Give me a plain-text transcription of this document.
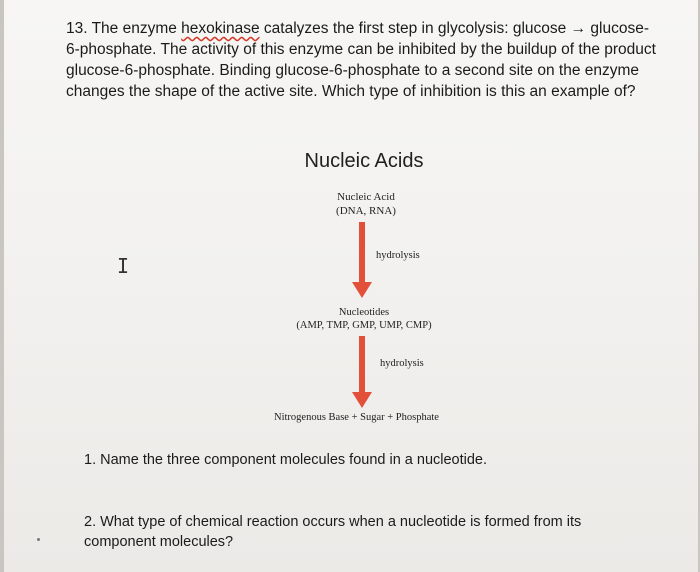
13. The enzyme hexokinase catalyzes the first step in glycolysis: glucose → glucose-6-phosphate. The activity of this enzyme can be inhibited by the buildup of the product glucose-6-phosphate. Binding glucose-6-phosphate to a second site on the enzyme changes the shape of the active site. Which type of inhibition is this an example of?
Nucleic Acids
Nucleic Acid
(DNA, RNA)
hydrolysis
Nucleotides
(AMP, TMP, GMP, UMP, CMP)
hydrolysis
Nitrogenous Base + Sugar + Phosphate
I
1. Name the three component molecules found in a nucleotide.
2. What type of chemical reaction occurs when a nucleotide is formed from its component molecules?
